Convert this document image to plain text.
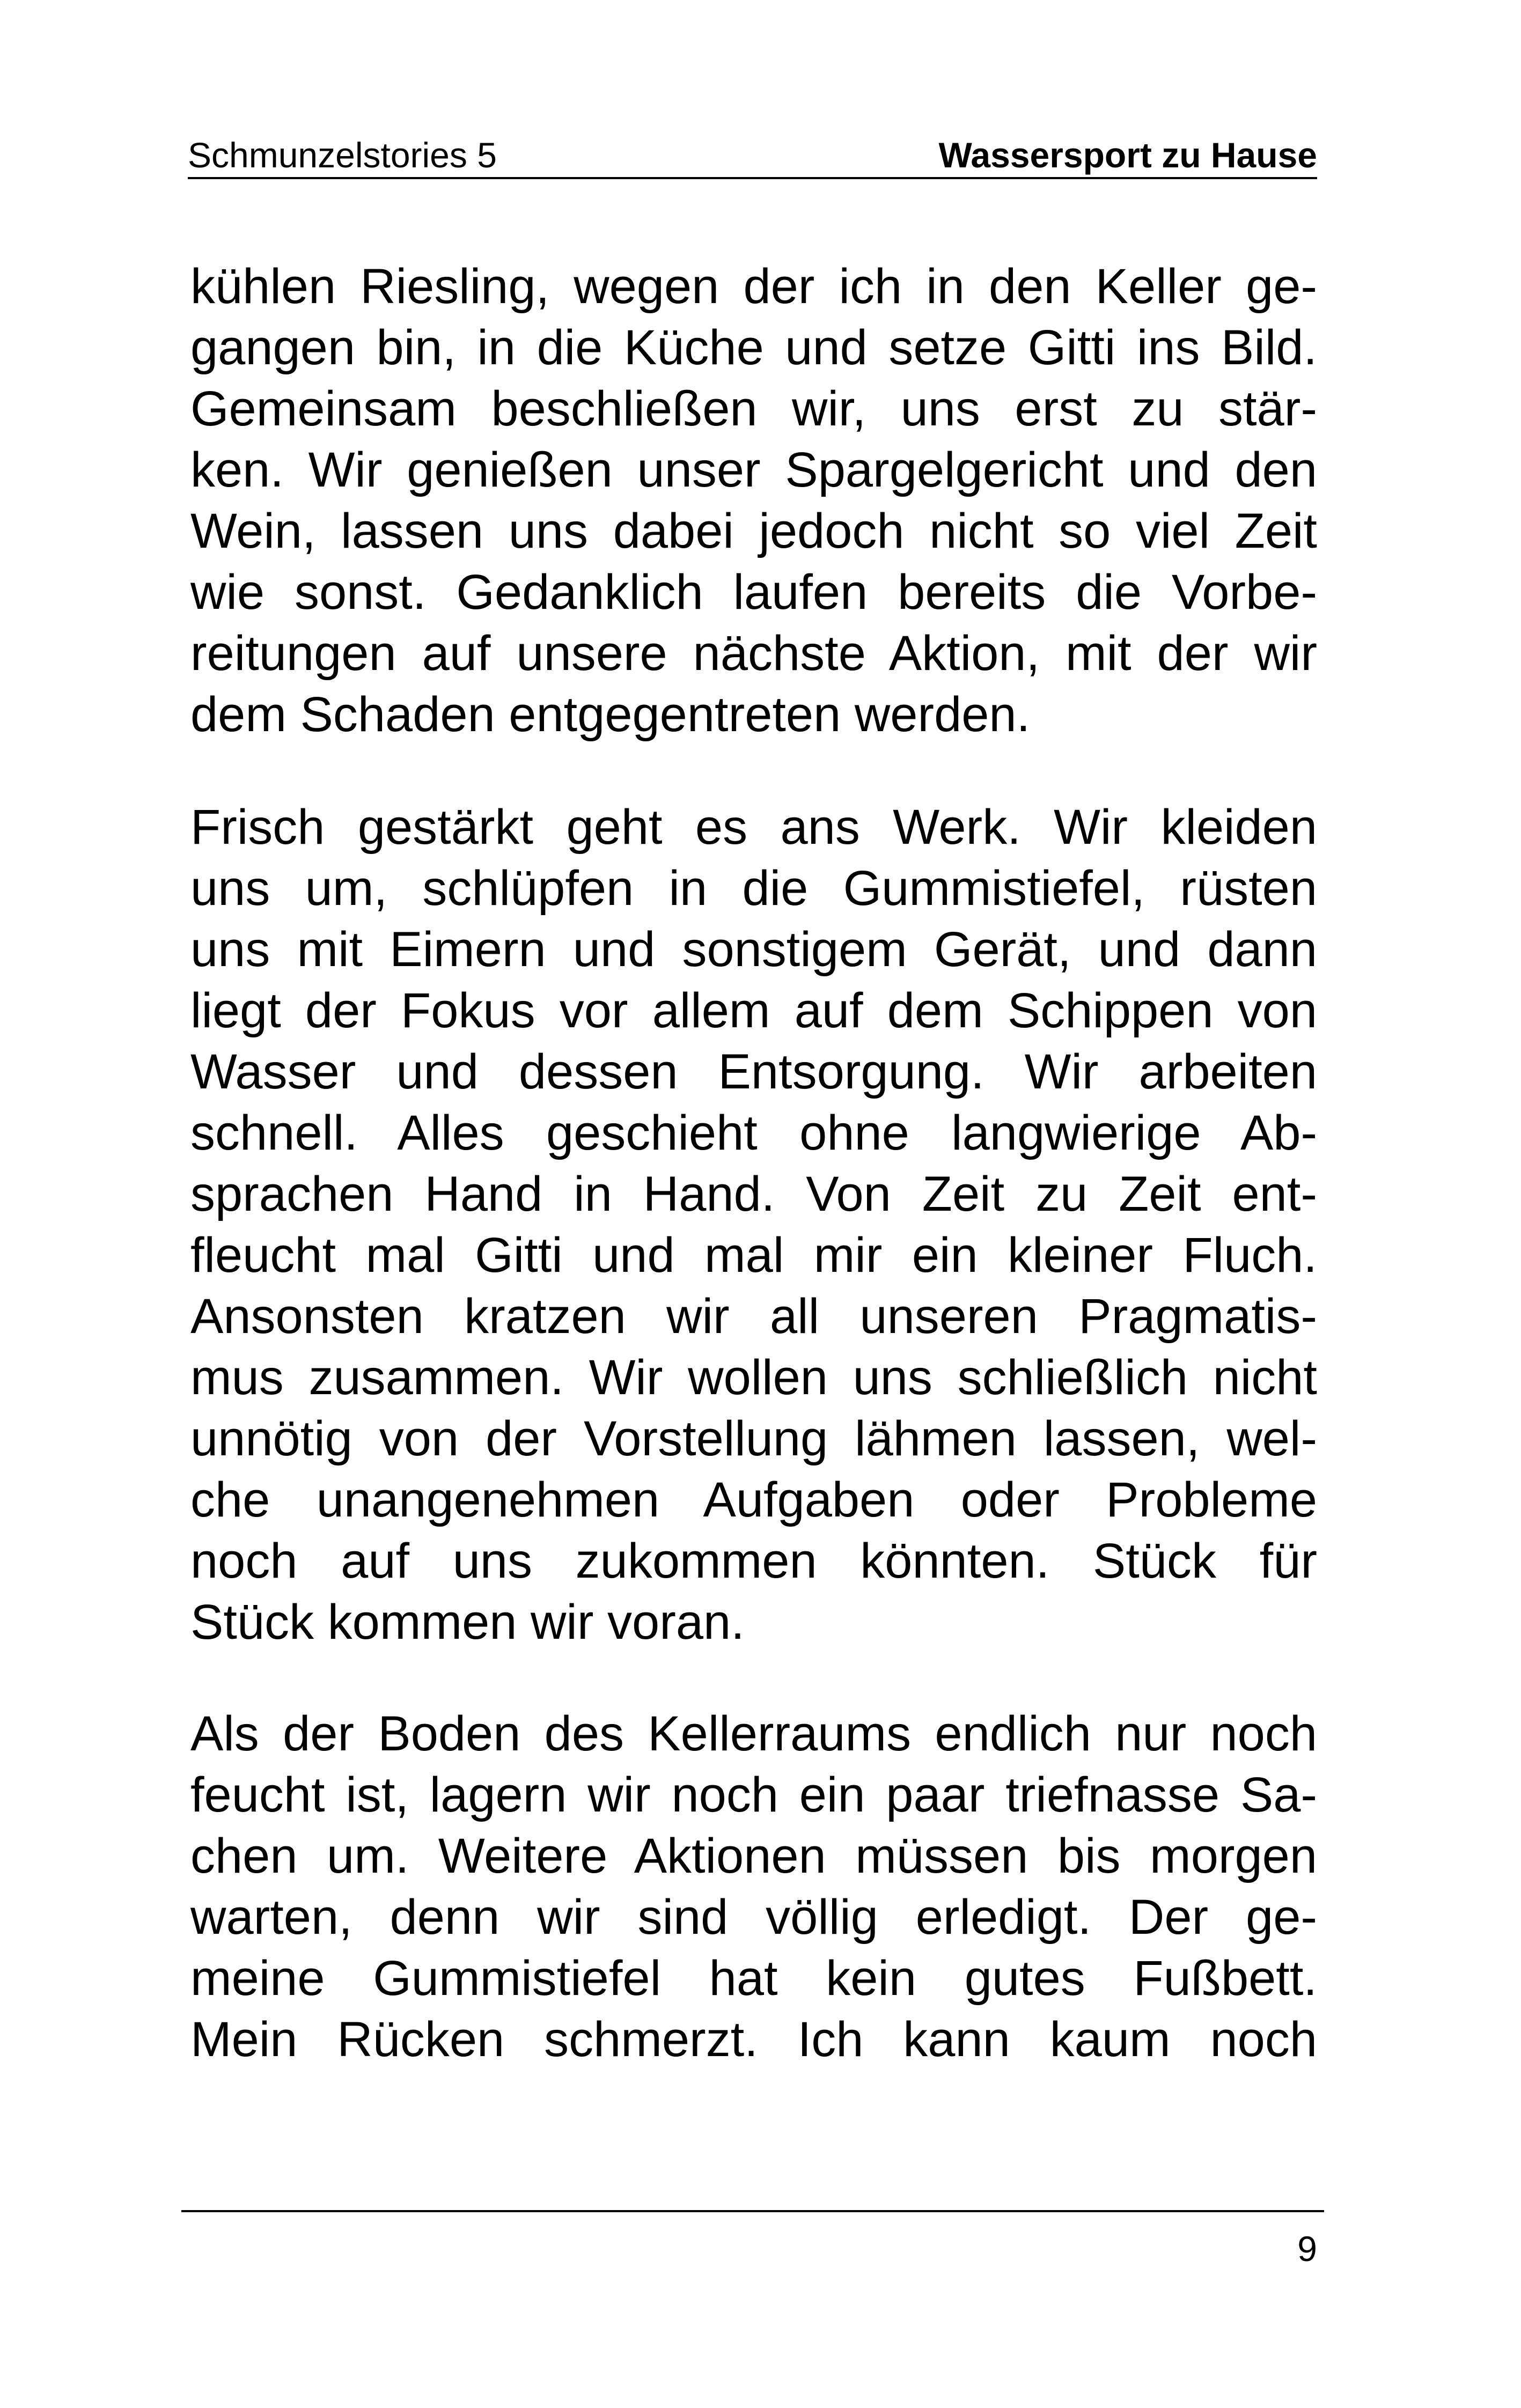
Schmunzelstories 5	Wassersport zu Hause
kühlen Riesling, wegen der ich in den Keller ge-
gangen bin, in die Küche und setze Gitti ins Bild.
Gemeinsam beschließen wir, uns erst zu stär-
ken. Wir genießen unser Spargelgericht und den
Wein, lassen uns dabei jedoch nicht so viel Zeit
wie sonst. Gedanklich laufen bereits die Vorbe-
reitungen auf unsere nächste Aktion, mit der wir
dem Schaden entgegentreten werden.
Frisch gestärkt geht es ans Werk. Wir kleiden
uns um, schlüpfen in die Gummistiefel, rüsten
uns mit Eimern und sonstigem Gerät, und dann
liegt der Fokus vor allem auf dem Schippen von
Wasser und dessen Entsorgung. Wir arbeiten
schnell. Alles geschieht ohne langwierige Ab-
sprachen Hand in Hand. Von Zeit zu Zeit ent-
fleucht mal Gitti und mal mir ein kleiner Fluch.
Ansonsten kratzen wir all unseren Pragmatis-
mus zusammen. Wir wollen uns schließlich nicht
unnötig von der Vorstellung lähmen lassen, wel-
che unangenehmen Aufgaben oder Probleme
noch auf uns zukommen könnten. Stück für
Stück kommen wir voran.
Als der Boden des Kellerraums endlich nur noch
feucht ist, lagern wir noch ein paar triefnasse Sa-
chen um. Weitere Aktionen müssen bis morgen
warten, denn wir sind völlig erledigt. Der ge-
meine Gummistiefel hat kein gutes Fußbett.
Mein Rücken schmerzt. Ich kann kaum noch
9
